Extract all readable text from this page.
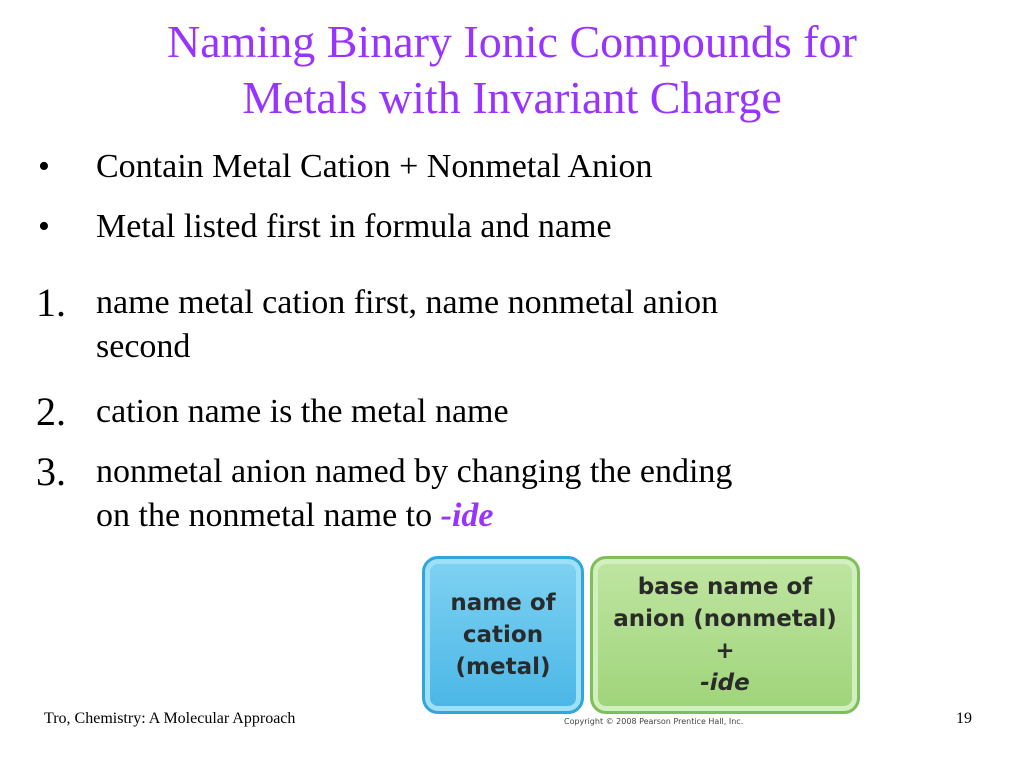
Naming Binary Ionic Compounds for
Metals with Invariant Charge
• Contain Metal Cation + Nonmetal Anion
• Metal listed first in formula and name
1. name metal cation first, name nonmetal anion
second
2. cation name is the metal name
3. nonmetal anion named by changing the ending
on the nonmetal name to -ide
name of
cation
(metal)
base name of
anion (nonmetal)
+
-ide
Copyright © 2008 Pearson Prentice Hall, Inc.
Tro, Chemistry: A Molecular Approach	19
